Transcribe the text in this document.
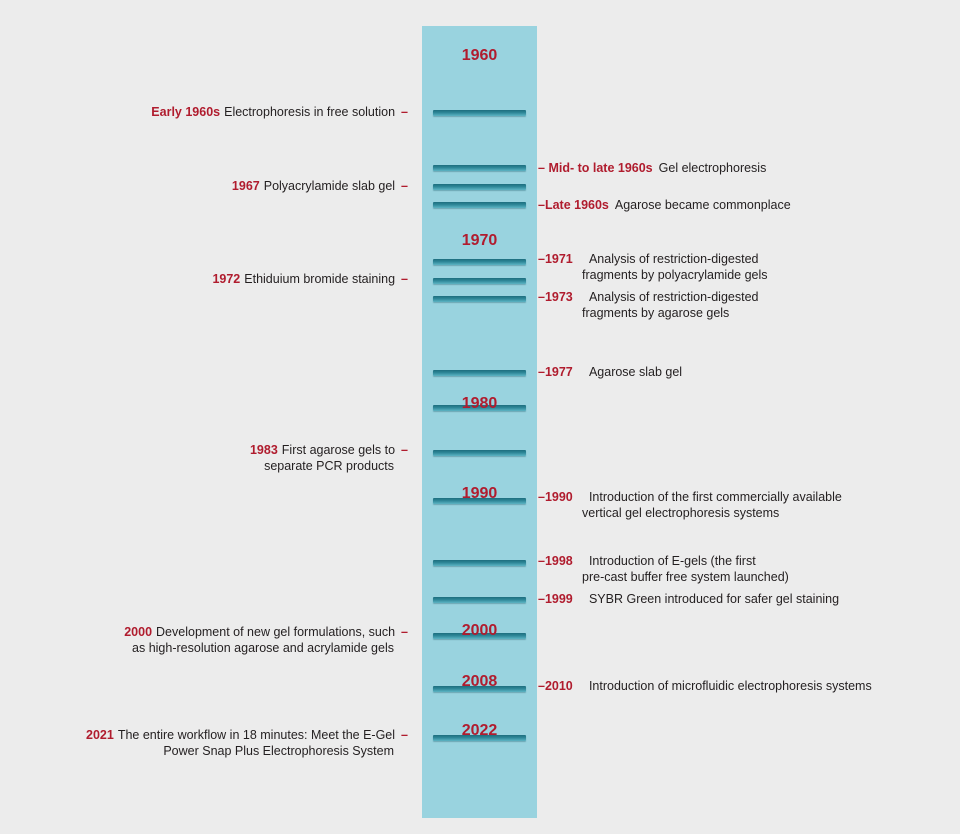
1960
1970
1980
1990
2000
2008
2022
Early 1960s Electrophoresis in free solution –
1967 Polyacrylamide slab gel –
1972 Ethiduium bromide staining –
1983 First agarose gels to –
separate PCR products
2000 Development of new gel formulations, such –
as high-resolution agarose and acrylamide gels
2021 The entire workflow in 18 minutes: Meet the E-Gel –
Power Snap Plus Electrophoresis System
– Mid- to late 1960s Gel electrophoresis
–Late 1960s Agarose became commonplace
–1971 Analysis of restriction-digested
fragments by polyacrylamide gels
–1973 Analysis of restriction-digested
fragments by agarose gels
–1977 Agarose slab gel
–1990 Introduction of the first commercially available
vertical gel electrophoresis systems
–1998 Introduction of E-gels (the first
pre-cast buffer free system launched)
–1999 SYBR Green introduced for safer gel staining
–2010 Introduction of microfluidic electrophoresis systems
